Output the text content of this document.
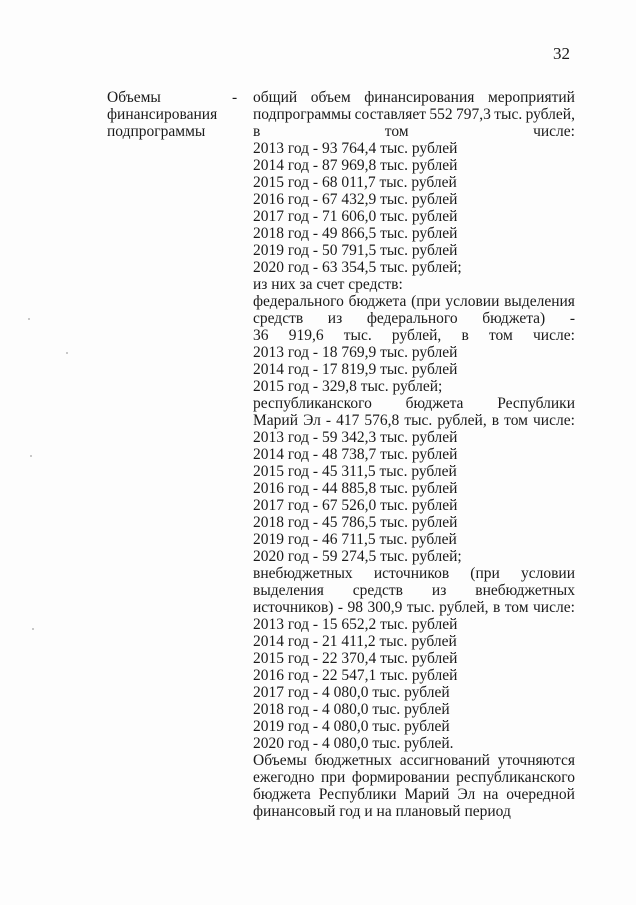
32
Объемы
финансирования
подпрограммы
- общий объем финансирования мероприятий
подпрограммы составляет 552 797,3 тыс. рублей,
в	том	числе:
2013 год - 93 764,4 тыс. рублей
2014 год - 87 969,8 тыс. рублей
2015 год - 68 011,7 тыс. рублей
2016 год - 67 432,9 тыс. рублей
2017 год - 71 606,0 тыс. рублей
2018 год - 49 866,5 тыс. рублей
2019 год - 50 791,5 тыс. рублей
2020 год - 63 354,5 тыс. рублей;
из них за счет средств:
федерального бюджета (при условии выделения
средств из федерального бюджета) -
36 919,6 тыс. рублей, в том числе:
2013 год - 18 769,9 тыс. рублей
2014 год - 17 819,9 тыс. рублей
2015 год - 329,8 тыс. рублей;
республиканского бюджета Республики
Марий Эл - 417 576,8 тыс. рублей, в том числе:
2013 год - 59 342,3 тыс. рублей
2014 год - 48 738,7 тыс. рублей
2015 год - 45 311,5 тыс. рублей
2016 год - 44 885,8 тыс. рублей
2017 год - 67 526,0 тыс. рублей
2018 год - 45 786,5 тыс. рублей
2019 год - 46 711,5 тыс. рублей
2020 год - 59 274,5 тыс. рублей;
внебюджетных источников (при условии
выделения средств из внебюджетных
источников) - 98 300,9 тыс. рублей, в том числе:
2013 год - 15 652,2 тыс. рублей
2014 год - 21 411,2 тыс. рублей
2015 год - 22 370,4 тыс. рублей
2016 год - 22 547,1 тыс. рублей
2017 год - 4 080,0 тыс. рублей
2018 год - 4 080,0 тыс. рублей
2019 год - 4 080,0 тыс. рублей
2020 год - 4 080,0 тыс. рублей.
Объемы бюджетных ассигнований уточняются
ежегодно при формировании республиканского
бюджета Республики Марий Эл на очередной
финансовый год и на плановый период
